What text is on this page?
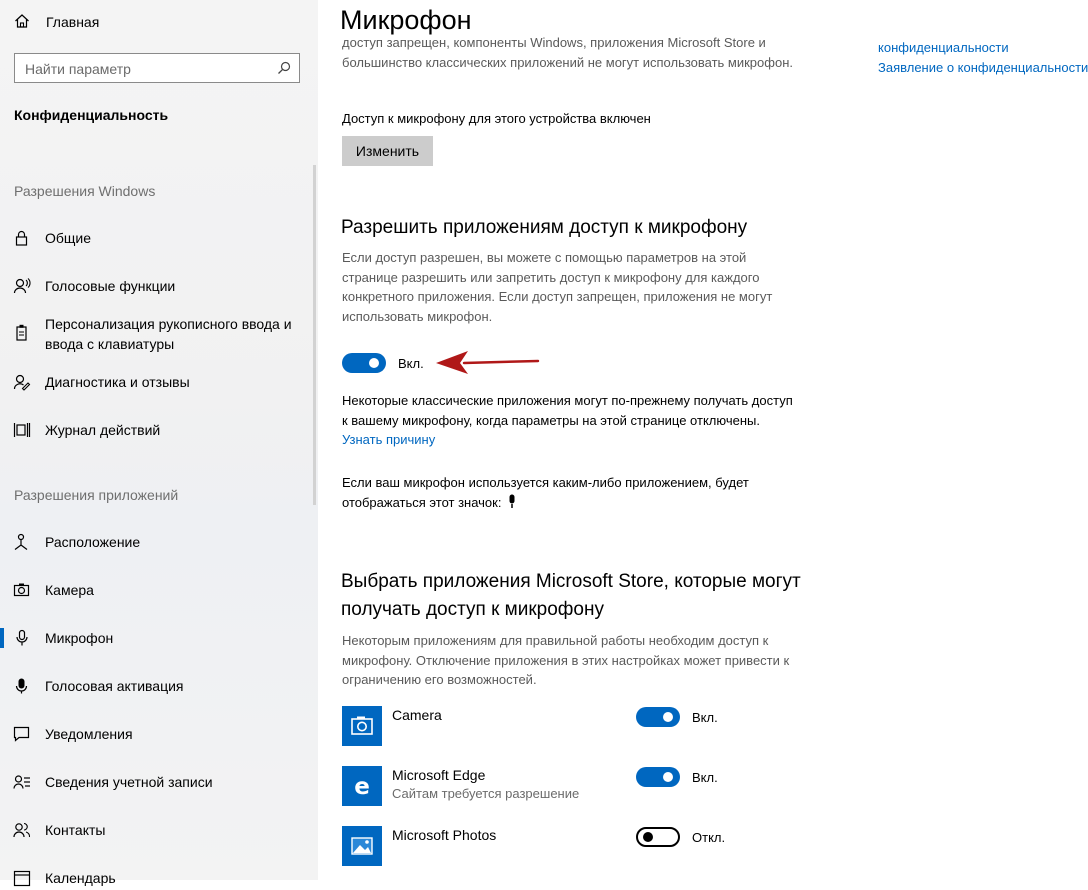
Главная
Найти параметр
Конфиденциальность
Разрешения Windows
Общие
Голосовые функции
Персонализация рукописного ввода и ввода с клавиатуры
Диагностика и отзывы
Журнал действий
Разрешения приложений
Расположение
Камера
Микрофон
Голосовая активация
Уведомления
Сведения учетной записи
Контакты
Календарь
Микрофон
доступ запрещен, компоненты Windows, приложения Microsoft Store и большинство классических приложений не могут использовать микрофон.
Доступ к микрофону для этого устройства включен
Изменить
Разрешить приложениям доступ к микрофону
Если доступ разрешен, вы можете с помощью параметров на этой странице разрешить или запретить доступ к микрофону для каждого конкретного приложения. Если доступ запрещен, приложения не могут использовать микрофон.
Вкл.
Некоторые классические приложения могут по-прежнему получать доступ к вашему микрофону, когда параметры на этой странице отключены. Узнать причину
Если ваш микрофон используется каким-либо приложением, будет отображаться этот значок:
Выбрать приложения Microsoft Store, которые могут получать доступ к микрофону
Некоторым приложениям для правильной работы необходим доступ к микрофону. Отключение приложения в этих настройках может привести к ограничению его возможностей.
Camera	Вкл.
e Microsoft Edge
Сайтам требуется разрешение
Вкл.
Microsoft Photos	Откл.
конфиденциальности
Заявление о конфиденциальности
